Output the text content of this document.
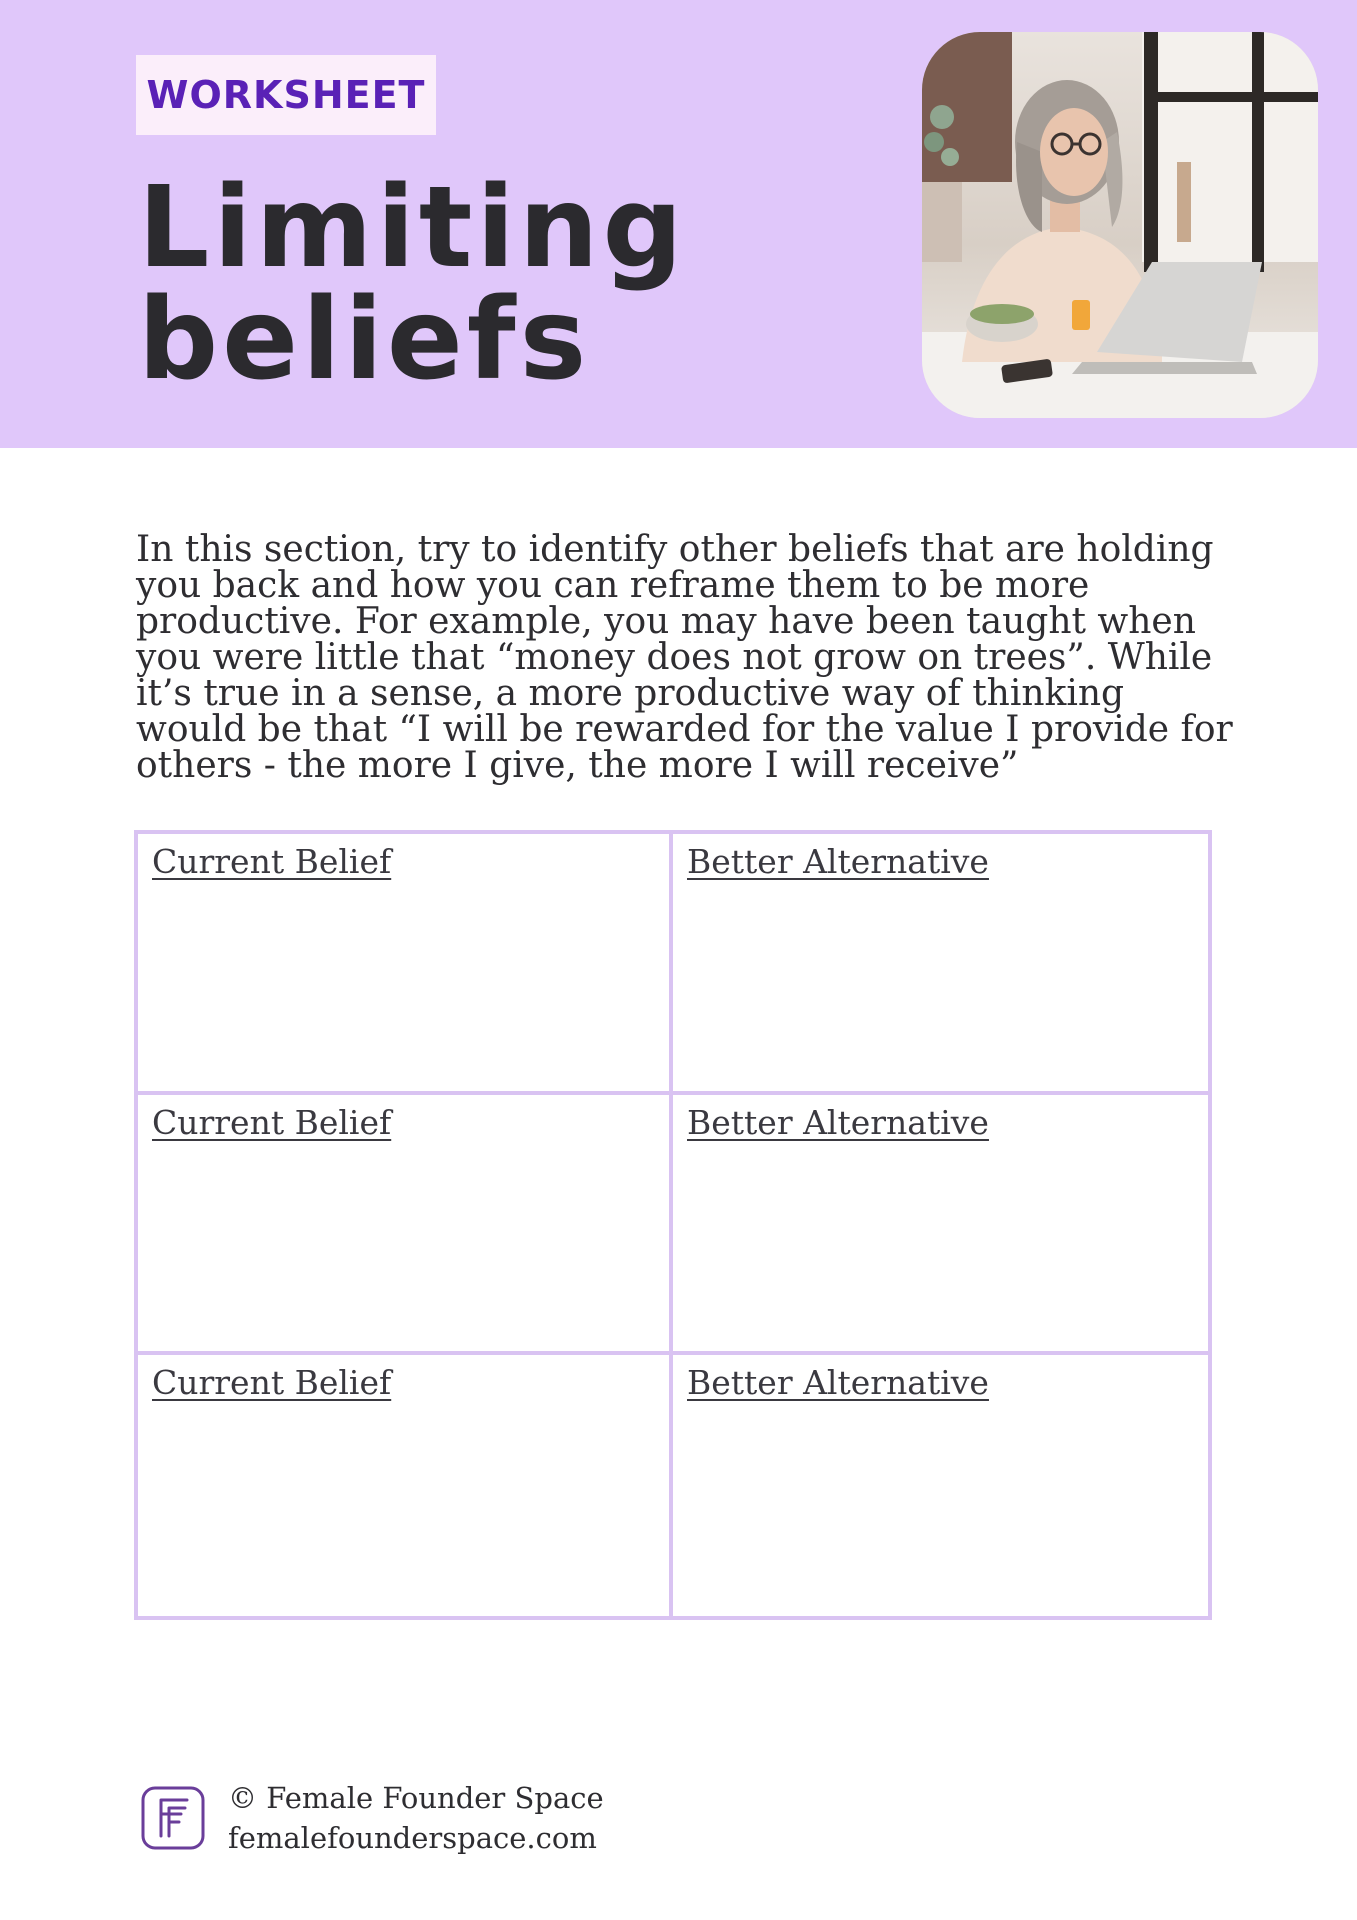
WORKSHEET
Limiting
beliefs

In this section, try to identify other beliefs that are holding you back and how you can reframe them to be more productive. For example, you may have been taught when you were little that “money does not grow on trees”. While it’s true in a sense, a more productive way of thinking would be that “I will be rewarded for the value I provide for others - the more I give, the more I will receive”

Current Belief	Better Alternative
Current Belief	Better Alternative
Current Belief	Better Alternative
© Female Founder Space
femalefounderspace.com
